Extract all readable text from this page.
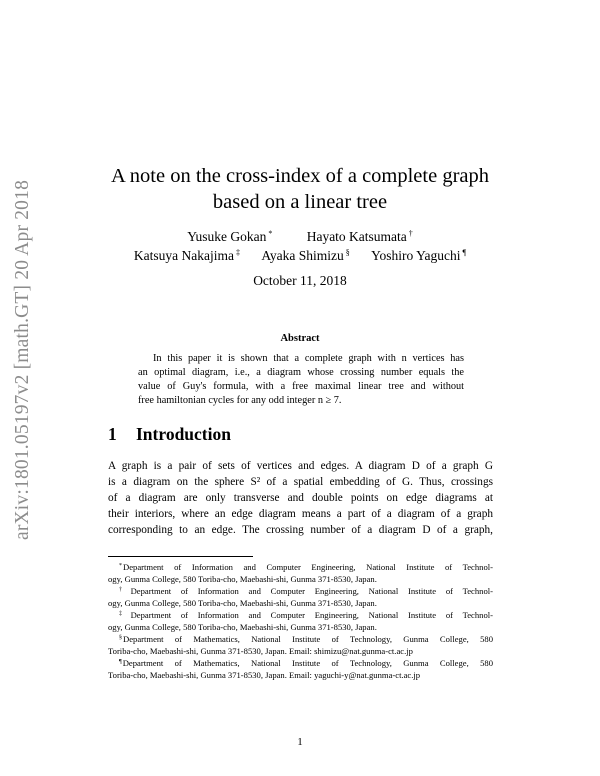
arXiv:1801.05197v2 [math.GT] 20 Apr 2018
A note on the cross-index of a complete graph
based on a linear tree
Yusuke Gokan *	Hayato Katsumata †
Katsuya Nakajima ‡ Ayaka Shimizu § Yoshiro Yaguchi ¶
October 11, 2018
Abstract
In this paper it is shown that a complete graph with n vertices has
an optimal diagram, i.e., a diagram whose crossing number equals the
value of Guy's formula, with a free maximal linear tree and without
free hamiltonian cycles for any odd integer n ≥ 7.
1 Introduction
A graph is a pair of sets of vertices and edges. A diagram D of a graph G
is a diagram on the sphere S² of a spatial embedding of G. Thus, crossings
of a diagram are only transverse and double points on edge diagrams at
their interiors, where an edge diagram means a part of a diagram of a graph
corresponding to an edge. The crossing number of a diagram D of a graph,
*Department of Information and Computer Engineering, National Institute of Technol-
ogy, Gunma College, 580 Toriba-cho, Maebashi-shi, Gunma 371-8530, Japan.
†Department of Information and Computer Engineering, National Institute of Technol-
ogy, Gunma College, 580 Toriba-cho, Maebashi-shi, Gunma 371-8530, Japan.
‡Department of Information and Computer Engineering, National Institute of Technol-
ogy, Gunma College, 580 Toriba-cho, Maebashi-shi, Gunma 371-8530, Japan.
§Department of Mathematics, National Institute of Technology, Gunma College, 580
Toriba-cho, Maebashi-shi, Gunma 371-8530, Japan. Email: shimizu@nat.gunma-ct.ac.jp
¶Department of Mathematics, National Institute of Technology, Gunma College, 580
Toriba-cho, Maebashi-shi, Gunma 371-8530, Japan. Email: yaguchi-y@nat.gunma-ct.ac.jp
1
